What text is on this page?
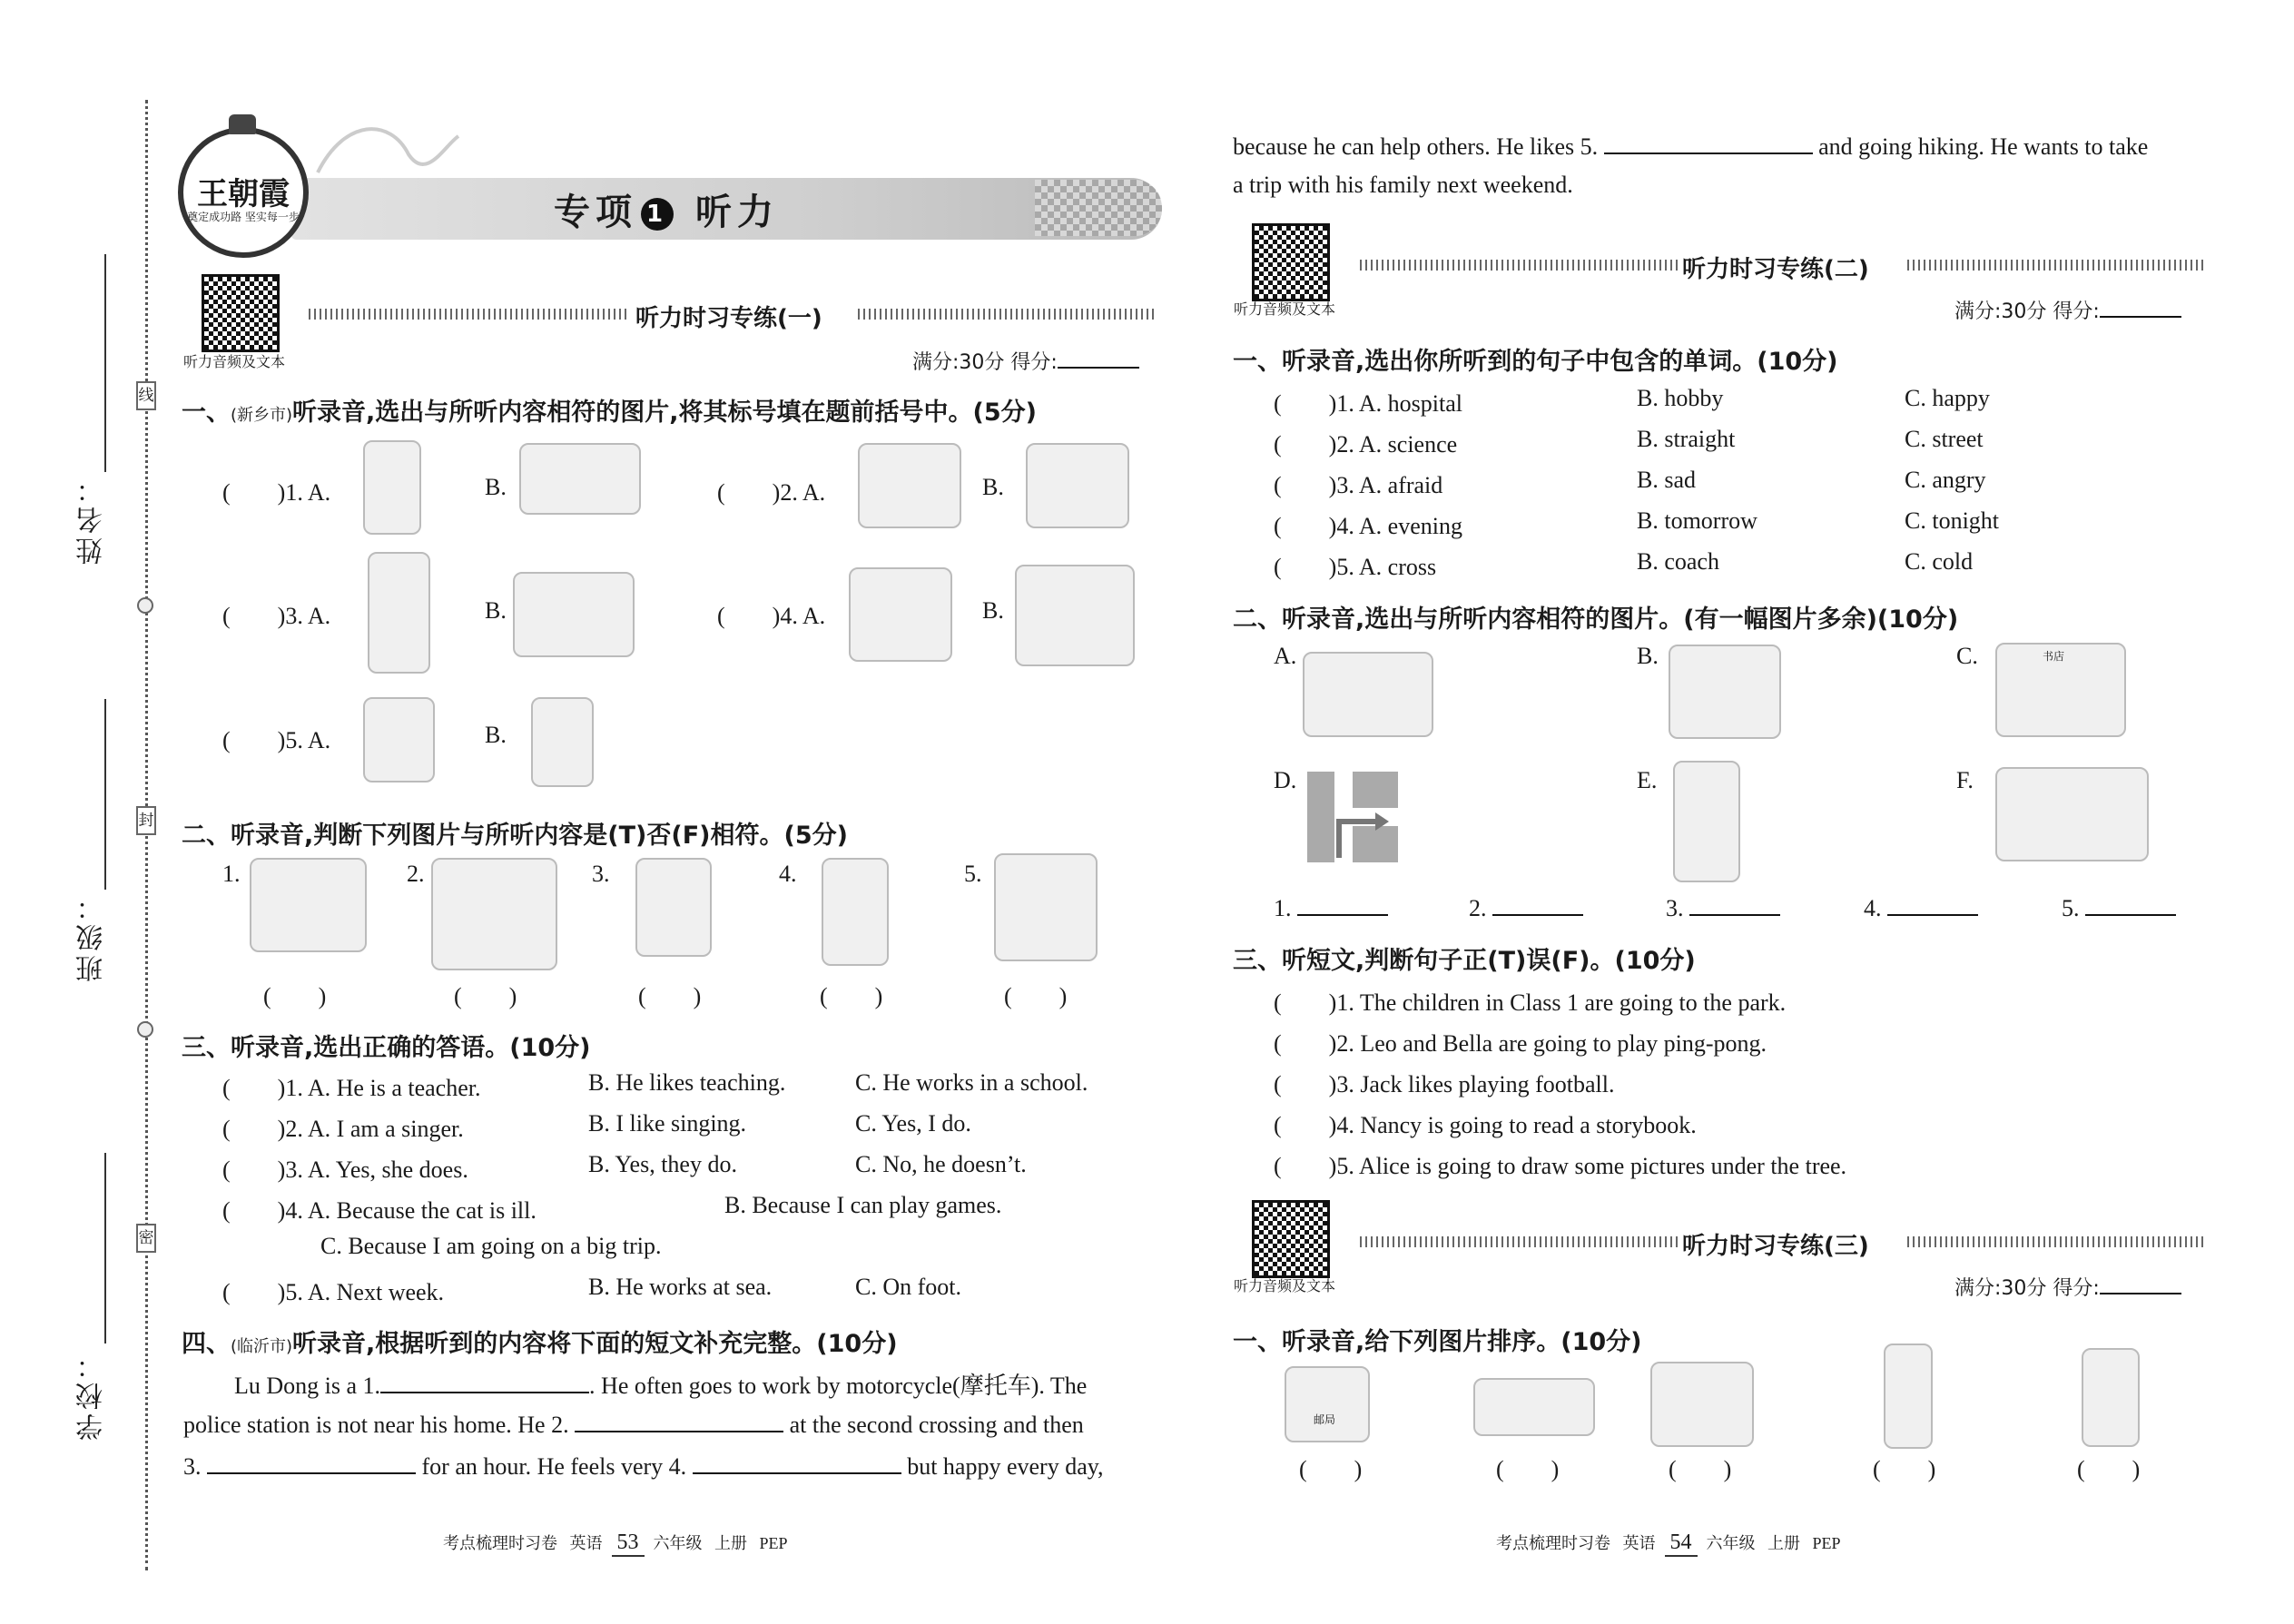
线
封
密
姓名：
班级：
学校：
王朝霞
奠定成功路 坚实每一步	专项 1 听力
听力音频及文本
听力时习专练(一)
满分:30分 得分:
一、(新乡市)听录音,选出与所听内容相符的图片,将其标号填在题前括号中。(5分)
(　　)1. A.	B.	(　　)2. A.	B.
(　　)3. A.	B.	(　　)4. A.	B.
(　　)5. A.	B.
二、听录音,判断下列图片与所听内容是(T)否(F)相符。(5分)
1.	2.	3.	4.	5.
(　　)	(　　)	(　　)	(　　)	(　　)
三、听录音,选出正确的答语。(10分)
(　　)1. A. He is a teacher.	B. He likes teaching.	C. He works in a school.
(　　)2. A. I am a singer.	B. I like singing.	C. Yes, I do.
(　　)3. A. Yes, she does.	B. Yes, they do.	C. No, he doesn’t.
(　　)4. A. Because the cat is ill.	B. Because I can play games.
C. Because I am going on a big trip.
(　　)5. A. Next week.	B. He works at sea.	C. On foot.
四、(临沂市)听录音,根据听到的内容将下面的短文补充完整。(10分)
Lu Dong is a 1.	. He often goes to work by motorcycle(摩托车). The
police station is not near his home. He 2.	at the second crossing and then
3.	for an hour. He feels very 4.	but happy every day,
考点梳理时习卷 英语 53 六年级 上册 PEP
because he can help others. He likes 5.	and going hiking. He wants to take
a trip with his family next weekend.
听力音频及文本
听力时习专练(二)
满分:30分 得分:
一、听录音,选出你所听到的句子中包含的单词。(10分)
(　　)1. A. hospital	B. hobby	C. happy
(　　)2. A. science	B. straight	C. street
(　　)3. A. afraid	B. sad	C. angry
(　　)4. A. evening	B. tomorrow	C. tonight
(　　)5. A. cross	B. coach	C. cold
二、听录音,选出与所听内容相符的图片。(有一幅图片多余)(10分)
A.	B.	C.	书店
D.	E.	F.
1.	2.	3.	4.	5.
三、听短文,判断句子正(T)误(F)。(10分)
(　　)1. The children in Class 1 are going to the park.
(　　)2. Leo and Bella are going to play ping-pong.
(　　)3. Jack likes playing football.
(　　)4. Nancy is going to read a storybook.
(　　)5. Alice is going to draw some pictures under the tree.
听力音频及文本
听力时习专练(三)
满分:30分 得分:
一、听录音,给下列图片排序。(10分)
邮局
(　　)	(　　)	(　　)	(　　)	(　　)
考点梳理时习卷 英语 54 六年级 上册 PEP
